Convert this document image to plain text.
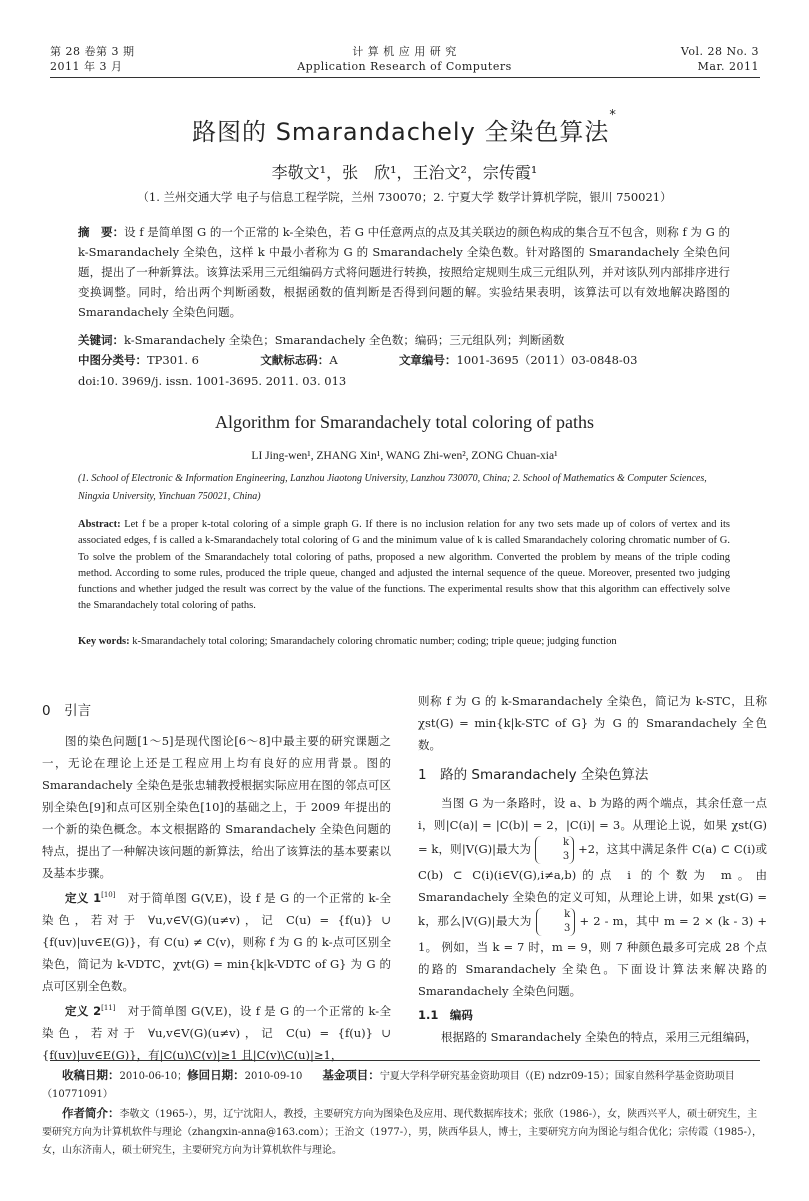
第 28 卷第 3 期
2011 年 3 月
计 算 机 应 用 研 究
Application Research of Computers
Vol. 28 No. 3
Mar. 2011
路图的 Smarandachely 全染色算法*
李敬文¹，张　欣¹，王治文²，宗传霞¹
（1. 兰州交通大学 电子与信息工程学院，兰州 730070；2. 宁夏大学 数学计算机学院，银川 750021）
摘　要：设 f 是简单图 G 的一个正常的 k-全染色，若 G 中任意两点的点及其关联边的颜色构成的集合互不包含，则称 f 为 G 的 k-Smarandachely 全染色，这样 k 中最小者称为 G 的 Smarandachely 全染色数。针对路图的 Smarandachely 全染色问题，提出了一种新算法。该算法采用三元组编码方式将问题进行转换，按照给定规则生成三元组队列，并对该队列内部排序进行变换调整。同时，给出两个判断函数，根据函数的值判断是否得到问题的解。实验结果表明，该算法可以有效地解决路图的 Smarandachely 全染色问题。
关键词：k-Smarandachely 全染色；Smarandachely 全色数；编码；三元组队列；判断函数
中图分类号：TP301. 6	文献标志码：A	文章编号：1001-3695（2011）03-0848-03
doi:10. 3969/j. issn. 1001-3695. 2011. 03. 013
Algorithm for Smarandachely total coloring of paths
LI Jing-wen¹, ZHANG Xin¹, WANG Zhi-wen², ZONG Chuan-xia¹
(1. School of Electronic & Information Engineering, Lanzhou Jiaotong University, Lanzhou 730070, China; 2. School of Mathematics & Computer Sciences, Ningxia University, Yinchuan 750021, China)
Abstract: Let f be a proper k-total coloring of a simple graph G. If there is no inclusion relation for any two sets made up of colors of vertex and its associated edges, f is called a k-Smarandachely total coloring of G and the minimum value of k is called Smarandachely coloring chromatic number of G. To solve the problem of the Smarandachely total coloring of paths, proposed a new algorithm. Converted the problem by means of the triple coding method. According to some rules, produced the triple queue, changed and adjusted the internal sequence of the queue. Moreover, presented two judging functions and whether judged the result was correct by the value of the functions. The experimental results show that this algorithm can effectively solve the Smarandachely total coloring of paths.
Key words: k-Smarandachely total coloring; Smarandachely coloring chromatic number; coding; triple queue; judging function
0　引言
图的染色问题[1～5]是现代图论[6～8]中最主要的研究课题之一，无论在理论上还是工程应用上均有良好的应用背景。图的 Smarandachely 全染色是张忠辅教授根据实际应用在图的邻点可区别全染色[9]和点可区别全染色[10]的基础之上，于 2009 年提出的一个新的染色概念。本文根据路的 Smarandachely 全染色问题的特点，提出了一种解决该问题的新算法，给出了该算法的基本要素以及基本步骤。
定义 1[10]　 对于简单图 G(V,E)，设 f 是 G 的一个正常的 k-全染色，若对于 ∀u,v∈V(G)(u≠v)，记 C(u) = {f(u)} ∪ {f(uv)|uv∈E(G)}，有 C(u) ≠ C(v)，则称 f 为 G 的 k-点可区别全染色，简记为 k-VDTC，χvt(G) = min{k|k-VDTC of G} 为 G 的点可区别全色数。
定义 2[11]　 对于简单图 G(V,E)，设 f 是 G 的一个正常的 k-全染色，若对于 ∀u,v∈V(G)(u≠v)，记 C(u) = {f(u)} ∪ {f(uv)|uv∈E(G)}，有|C(u)\C(v)|≥1 且|C(v)\C(u)|≥1，
则称 f 为 G 的 k-Smarandachely 全染色，简记为 k-STC，且称 χst(G) = min{k|k-STC of G} 为 G 的 Smarandachely 全色数。
1　路的 Smarandachely 全染色算法
当图 G 为一条路时，设 a、b 为路的两个端点，其余任意一点 i，则|C(a)| = |C(b)| = 2，|C(i)| = 3。从理论上说，如果 χst(G) = k，则|V(G)|最大为	k
3
+2，这其中满足条件 C(a) ⊂ C(i)或 C(b) ⊂ C(i)(i∈V(G),i≠a,b)的点 i 的个数为 m。由 Smarandachely 全染色的定义可知，从理论上讲，如果 χst(G) = k，那么|V(G)|最大为	k
3
+ 2 - m，其中 m = 2 × (k - 3) + 1。 例如，当 k = 7 时，m = 9，则 7 种颜色最多可完成 28 个点的路的 Smarandachely 全染色。下面设计算法来解决路的 Smarandachely 全染色问题。
1.1　编码
根据路的 Smarandachely 全染色的特点，采用三元组编码，
收稿日期：2010-06-10；修回日期：2010-09-10　　 基金项目：宁夏大学科学研究基金资助项目（(E) ndzr09-15）；国家自然科学基金资助项目（10771091）
作者简介：李敬文（1965-），男，辽宁沈阳人，教授，主要研究方向为图染色及应用、现代数据库技术；张欣（1986-），女，陕西兴平人，硕士研究生，主要研究方向为计算机软件与理论（zhangxin-anna@163.com）；王治文（1977-），男，陕西华县人，博士，主要研究方向为图论与组合优化；宗传霞（1985-），女，山东济南人，硕士研究生，主要研究方向为计算机软件与理论。
